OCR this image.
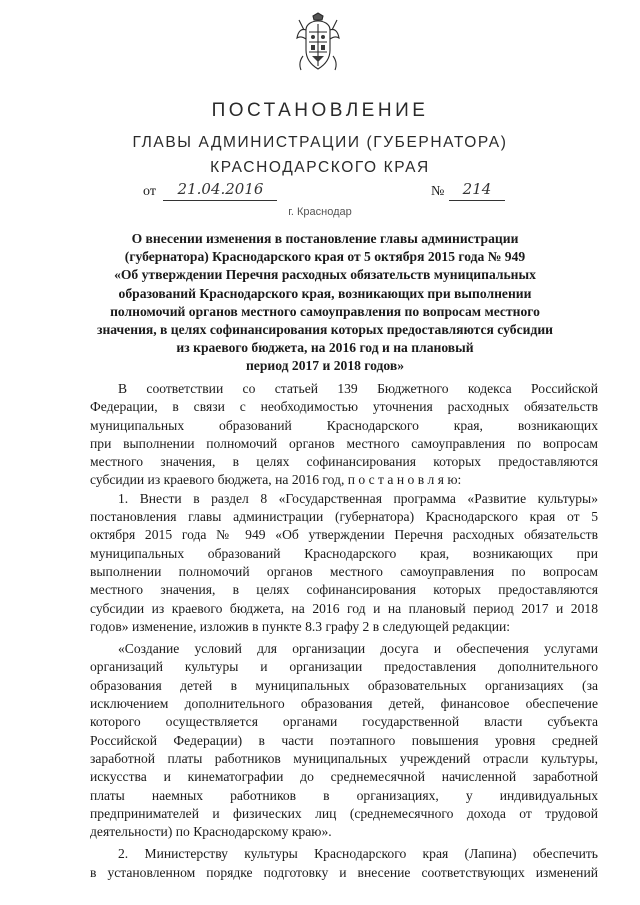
ПОСТАНОВЛЕНИЕ
ГЛАВЫ АДМИНИСТРАЦИИ (ГУБЕРНАТОРА)
КРАСНОДАРСКОГО КРАЯ
от	21.04.2016	№	214
г. Краснодар
О внесении изменения в постановление главы администрации
(губернатора) Краснодарского края от 5 октября 2015 года № 949
«Об утверждении Перечня расходных обязательств муниципальных
образований Краснодарского края, возникающих при выполнении
полномочий органов местного самоуправления по вопросам местного
значения, в целях софинансирования которых предоставляются субсидии
из краевого бюджета, на 2016 год и на плановый
период 2017 и 2018 годов»
В соответствии со статьей 139 Бюджетного кодекса Российской
Федерации, в связи с необходимостью уточнения расходных обязательств
муниципальных образований Краснодарского края, возникающих
при выполнении полномочий органов местного самоуправления по вопросам
местного значения, в целях софинансирования которых предоставляются
субсидии из краевого бюджета, на 2016 год, п о с т а н о в л я ю:
1. Внести в раздел 8 «Государственная программа «Развитие культуры»
постановления главы администрации (губернатора) Краснодарского края от 5
октября 2015 года № 949 «Об утверждении Перечня расходных обязательств
муниципальных образований Краснодарского края, возникающих при
выполнении полномочий органов местного самоуправления по вопросам
местного значения, в целях софинансирования которых предоставляются
субсидии из краевого бюджета, на 2016 год и на плановый период 2017 и 2018
годов» изменение, изложив в пункте 8.3 графу 2 в следующей редакции:
«Создание условий для организации досуга и обеспечения услугами
организаций культуры и организации предоставления дополнительного
образования детей в муниципальных образовательных организациях (за
исключением дополнительного образования детей, финансовое обеспечение
которого осуществляется органами государственной власти субъекта
Российской Федерации) в части поэтапного повышения уровня средней
заработной платы работников муниципальных учреждений отрасли культуры,
искусства и кинематографии до среднемесячной начисленной заработной
платы наемных работников в организациях, у индивидуальных
предпринимателей и физических лиц (среднемесячного дохода от трудовой
деятельности) по Краснодарскому краю».
2. Министерству культуры Краснодарского края (Лапина) обеспечить
в установленном порядке подготовку и внесение соответствующих изменений
